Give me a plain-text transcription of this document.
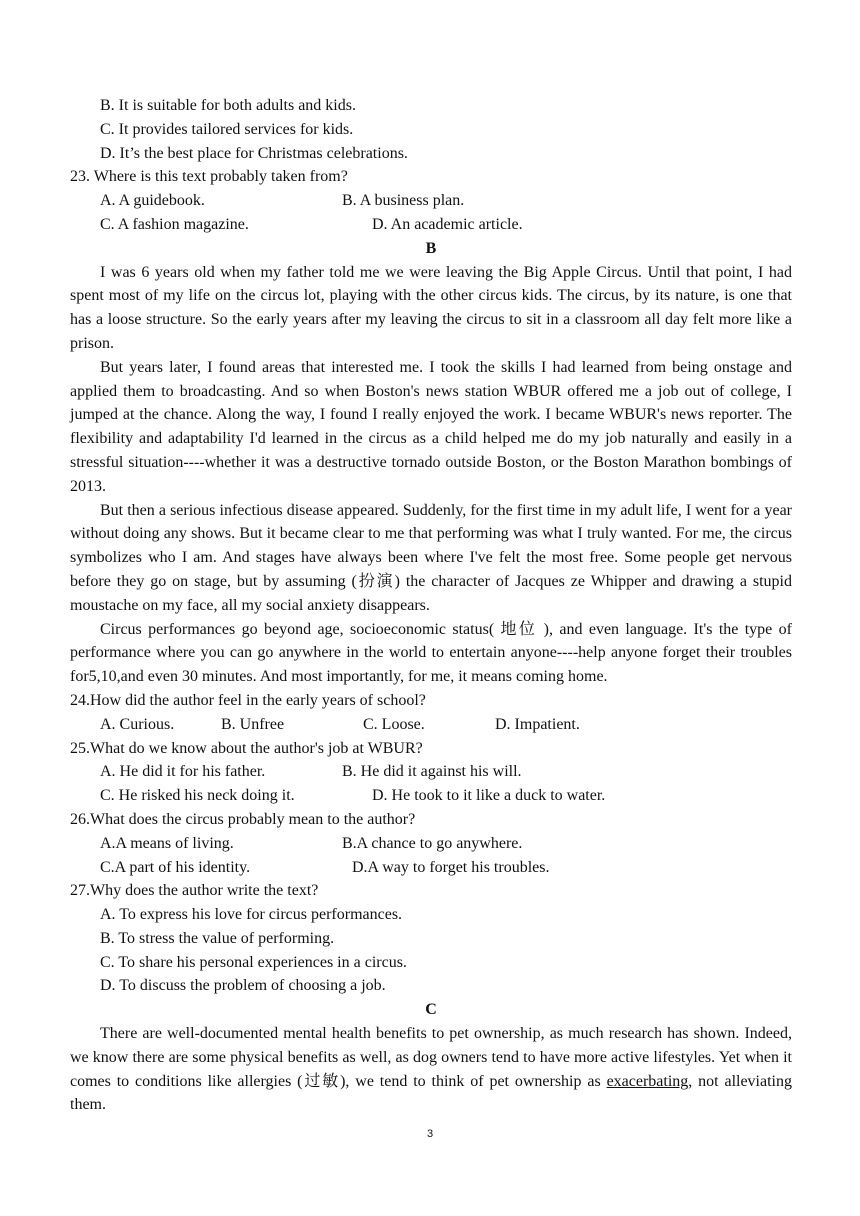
B. It is suitable for both adults and kids.
C. It provides tailored services for kids.
D. It’s the best place for Christmas celebrations.
23. Where is this text probably taken from?
A. A guidebook.	B. A business plan.
C. A fashion magazine.	D. An academic article.
B

I was 6 years old when my father told me we were leaving the Big Apple Circus. Until that point, I had spent most of my life on the circus lot, playing with the other circus kids. The circus, by its nature, is one that has a loose structure. So the early years after my leaving the circus to sit in a classroom all day felt more like a prison.

But years later, I found areas that interested me. I took the skills I had learned from being onstage and applied them to broadcasting. And so when Boston's news station WBUR offered me a job out of college, I jumped at the chance. Along the way, I found I really enjoyed the work. I became WBUR's news reporter. The flexibility and adaptability I'd learned in the circus as a child helped me do my job naturally and easily in a stressful situation----whether it was a destructive tornado outside Boston, or the Boston Marathon bombings of 2013.

But then a serious infectious disease appeared. Suddenly, for the first time in my adult life, I went for a year without doing any shows. But it became clear to me that performing was what I truly wanted. For me, the circus symbolizes who I am. And stages have always been where I've felt the most free. Some people get nervous before they go on stage, but by assuming (扮演) the character of Jacques ze Whipper and drawing a stupid moustache on my face, all my social anxiety disappears.

Circus performances go beyond age, socioeconomic status( 地位 ), and even language. It's the type of performance where you can go anywhere in the world to entertain anyone----help anyone forget their troubles for5,10,and even 30 minutes. And most importantly, for me, it means coming home.

24.How did the author feel in the early years of school?
A. Curious.	B. Unfree	C. Loose.	D. Impatient.
25.What do we know about the author's job at WBUR?
A. He did it for his father.	B. He did it against his will.
C. He risked his neck doing it.	D. He took to it like a duck to water.
26.What does the circus probably mean to the author?
A.A means of living.	B.A chance to go anywhere.
C.A part of his identity.	D.A way to forget his troubles.
27.Why does the author write the text?
A. To express his love for circus performances.
B. To stress the value of performing.
C. To share his personal experiences in a circus.
D. To discuss the problem of choosing a job.
C

There are well-documented mental health benefits to pet ownership, as much research has shown. Indeed, we know there are some physical benefits as well, as dog owners tend to have more active lifestyles. Yet when it comes to conditions like allergies (过敏), we tend to think of pet ownership as exacerbating, not alleviating them.

3
